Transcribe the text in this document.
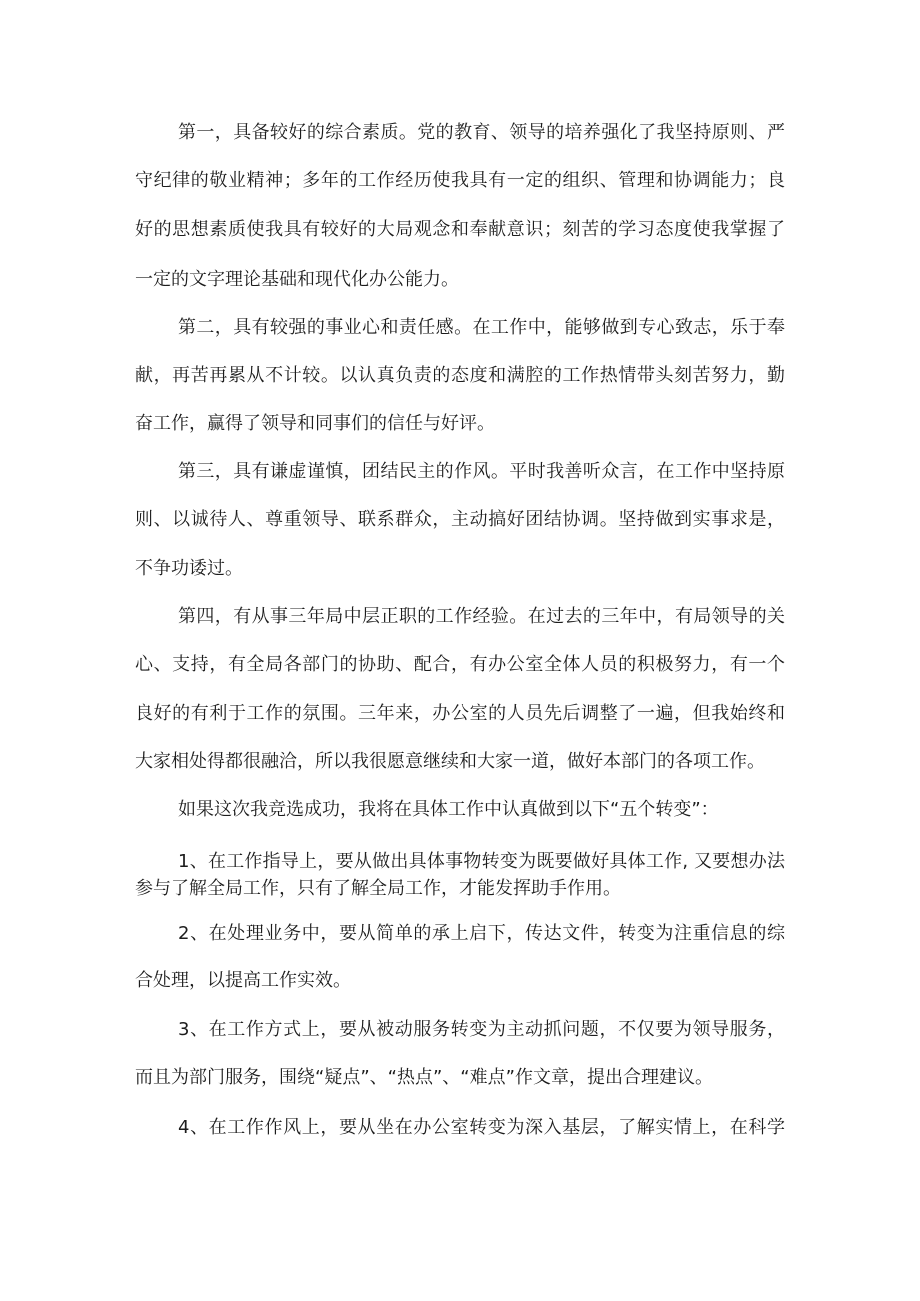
第一，具备较好的综合素质。党的教育、领导的培养强化了我坚持原则、严

守纪律的敬业精神；多年的工作经历使我具有一定的组织、管理和协调能力；良

好的思想素质使我具有较好的大局观念和奉献意识；刻苦的学习态度使我掌握了

一定的文字理论基础和现代化办公能力。

第二，具有较强的事业心和责任感。在工作中，能够做到专心致志，乐于奉

献，再苦再累从不计较。以认真负责的态度和满腔的工作热情带头刻苦努力，勤

奋工作，赢得了领导和同事们的信任与好评。

第三，具有谦虚谨慎，团结民主的作风。平时我善听众言，在工作中坚持原

则、以诚待人、尊重领导、联系群众，主动搞好团结协调。坚持做到实事求是，

不争功诿过。

第四，有从事三年局中层正职的工作经验。在过去的三年中，有局领导的关

心、支持，有全局各部门的协助、配合，有办公室全体人员的积极努力，有一个

良好的有利于工作的氛围。三年来，办公室的人员先后调整了一遍，但我始终和

大家相处得都很融洽，所以我很愿意继续和大家一道，做好本部门的各项工作。

如果这次我竞选成功，我将在具体工作中认真做到以下“五个转变”：

1、在工作指导上，要从做出具体事物转变为既要做好具体工作, 又要想办法

参与了解全局工作，只有了解全局工作，才能发挥助手作用。

2、在处理业务中，要从简单的承上启下，传达文件，转变为注重信息的综

合处理，以提高工作实效。

3、在工作方式上，要从被动服务转变为主动抓问题，不仅要为领导服务，

而且为部门服务，围绕“疑点”、“热点”、“难点”作文章，提出合理建议。

4、在工作作风上，要从坐在办公室转变为深入基层，了解实情上，在科学
